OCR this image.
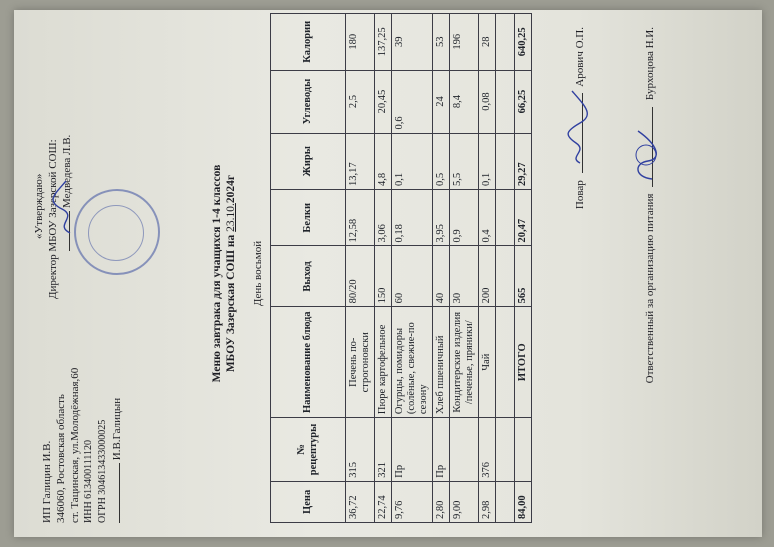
ИП Галицин И.В. 346060, Ростовская область ст. Тацинская, ул.Молодёжная,60 ИНН 613400111120 ОГРН 304613433000025 И.В.Галицын
«Утверждаю» Директор МБОУ Зазерской СОШ: Медведева Л.В.	Меню завтрака для учащихся 1-4 классов МБОУ Зазерская СОШ на 23.10.2024г
День восьмой
Цена	№ рецептуры	Наименование блюда	Выход	Белки	Жиры	Углеводы	Калории
36,72	315	Печень по-строгоновски	80/20	12,58	13,17	2,5	180
22,74	321	Пюре картофельное	150	3,06	4,8	20,45	137,25
9,76	Пр	Огурцы, помидоры (солёные, свежие-по сезону	60	0,18	0,1	0,6	39
2,80	Пр	Хлеб пшеничный	40	3,95	0,5	24	53
9,00		Кондитерские изделия /печенье, пряники/	30	0,9	5,5	8,4	196
2,98	376	Чай	200	0,4	0,1	0,08	28

84,00		ИТОГО	565	20,47	29,27	66,25	640,25
Повар  Арович О.П.
Ответственный за организацию питания  Бурхоцова Н.И.
